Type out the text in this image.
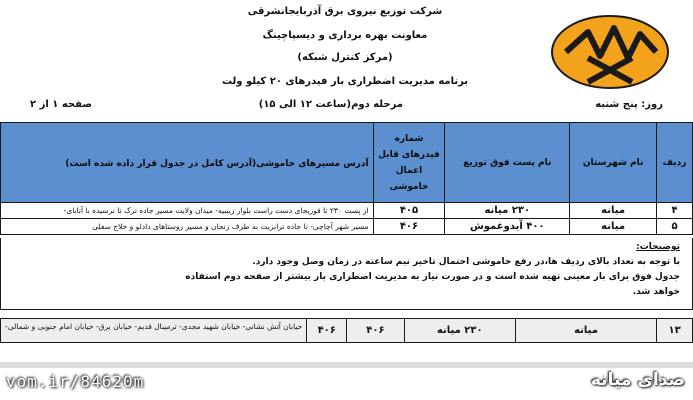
شرکت توزیع نیروی برق آذربایجانشرقی
معاونت بهره برداری و دیسپاچینگ
(مرکز کنترل شبکه)
برنامه مدیریت اضطراری بار فیدرهای ۲۰ کیلو ولت
روز: پنج شنبه
مرحله دوم(ساعت ۱۲ الی ۱۵)
صفحه ۱ از ۲
ردیف	نام شهرستان	نام پست فوق توزیع	شماره فیدرهای قابل اعمال خاموشی	آدرس مسیرهای خاموشی(آدرس کامل در جدول قرار داده شده است)
۴	میانه	۲۳۰ میانه	۴۰۵	از پست ۲۳۰ تا فوریجای دست راست بلوار زینبیه- میدان ولایت مسیر جاده ترک تا نرسیده با آتابای-
۵	میانه	۴۰۰ آیدوغموش	۴۰۶	مسیر شهر آچاچی- تا جاده ترانزیت به طرف زنجان و مسیر روستاهای دادلو و خلاج سفلی
توضیحات:
با توجه به تعداد بالای ردیف ها،در رفع خاموشی احتمال تاخیر نیم ساعته در زمان وصل وجود دارد.
جدول فوق برای بار معینی تهیه شده است و در صورت نیاز به مدیریت اضطراری بار بیشتر از صفحه دوم استفاده
خواهد شد.
۱۳	میانه	۲۳۰ میانه	۴۰۶	۴۰۶	خیابان آتش نشانی- خیابان شهید مجدی- ترمینال قدیم- خیابان برق- خیابان امام جنوبی و شمالی-
vom.ir/84620m	صدای میانه
